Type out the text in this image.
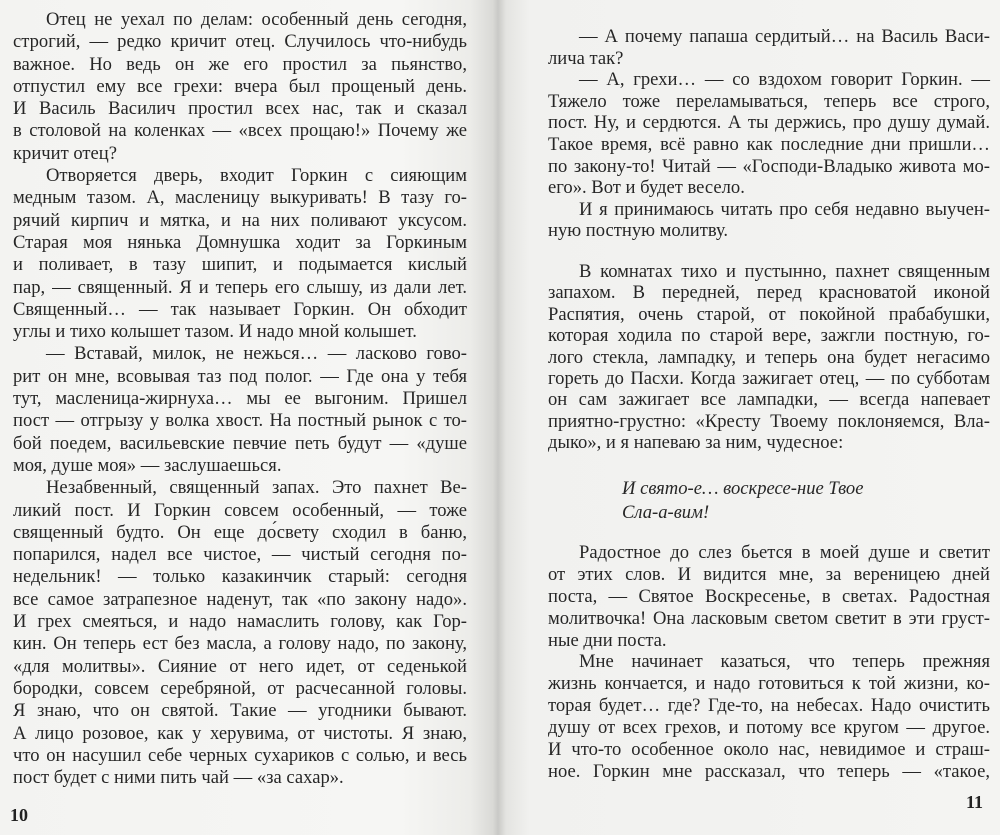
Отец не уехал по делам: особенный день сегодня,
строгий, — редко кричит отец. Случилось что-нибудь
важное. Но ведь он же его простил за пьянство,
отпустил ему все грехи: вчера был прощеный день.
И Василь Василич простил всех нас, так и сказал
в столовой на коленках — «всех прощаю!» Почему же
кричит отец?
Отворяется дверь, входит Горкин с сияющим
медным тазом. А, масленицу выкуривать! В тазу го-
рячий кирпич и мятка, и на них поливают уксусом.
Старая моя нянька Домнушка ходит за Горкиным
и поливает, в тазу шипит, и подымается кислый
пар, — священный. Я и теперь его слышу, из дали лет.
Священный… — так называет Горкин. Он обходит
углы и тихо колышет тазом. И надо мной колышет.
— Вставай, милок, не нежься… — ласково гово-
рит он мне, всовывая таз под полог. — Где она у тебя
тут, масленица-жирнуха… мы ее выгоним. Пришел
пост — отгрызу у волка хвост. На постный рынок с то-
бой поедем, васильевские певчие петь будут — «душе
моя, душе моя» — заслушаешься.
Незабвенный, священный запах. Это пахнет Ве-
ликий пост. И Горкин совсем особенный, — тоже
священный будто. Он еще до́свету сходил в баню,
попарился, надел все чистое, — чистый сегодня по-
недельник! — только казакинчик старый: сегодня
все самое затрапезное наденут, так «по закону надо».
И грех смеяться, и надо намаслить голову, как Гор-
кин. Он теперь ест без масла, а голову надо, по закону,
«для молитвы». Сияние от него идет, от седенькой
бородки, совсем серебряной, от расчесанной головы.
Я знаю, что он святой. Такие — угодники бывают.
А лицо розовое, как у херувима, от чистоты. Я знаю,
что он насушил себе черных сухариков с солью, и весь
пост будет с ними пить чай — «за сахар».
10
— А почему папаша сердитый… на Василь Васи-
лича так?
— А, грехи… — со вздохом говорит Горкин. —
Тяжело тоже переламываться, теперь все строго,
пост. Ну, и сердются. А ты держись, про душу думай.
Такое время, всё равно как последние дни пришли…
по закону-то! Читай — «Господи-Владыко живота мо-
его». Вот и будет весело.
И я принимаюсь читать про себя недавно выучен-
ную постную молитву.
В комнатах тихо и пустынно, пахнет священным
запахом. В передней, перед красноватой иконой
Распятия, очень старой, от покойной прабабушки,
которая ходила по старой вере, зажгли постную, го-
лого стекла, лампадку, и теперь она будет негасимо
гореть до Пасхи. Когда зажигает отец, — по субботам
он сам зажигает все лампадки, — всегда напевает
приятно-грустно: «Кресту Твоему поклоняемся, Вла-
дыко», и я напеваю за ним, чудесное:
И свято-е… воскресе-ние Твое
Сла-а-вим!
Радостное до слез бьется в моей душе и светит
от этих слов. И видится мне, за вереницею дней
поста, — Святое Воскресенье, в светах. Радостная
молитвочка! Она ласковым светом светит в эти груст-
ные дни поста.
Мне начинает казаться, что теперь прежняя
жизнь кончается, и надо готовиться к той жизни, ко-
торая будет… где? Где-то, на небесах. Надо очистить
душу от всех грехов, и потому все кругом — другое.
И что-то особенное около нас, невидимое и страш-
ное. Горкин мне рассказал, что теперь — «такое,
11
